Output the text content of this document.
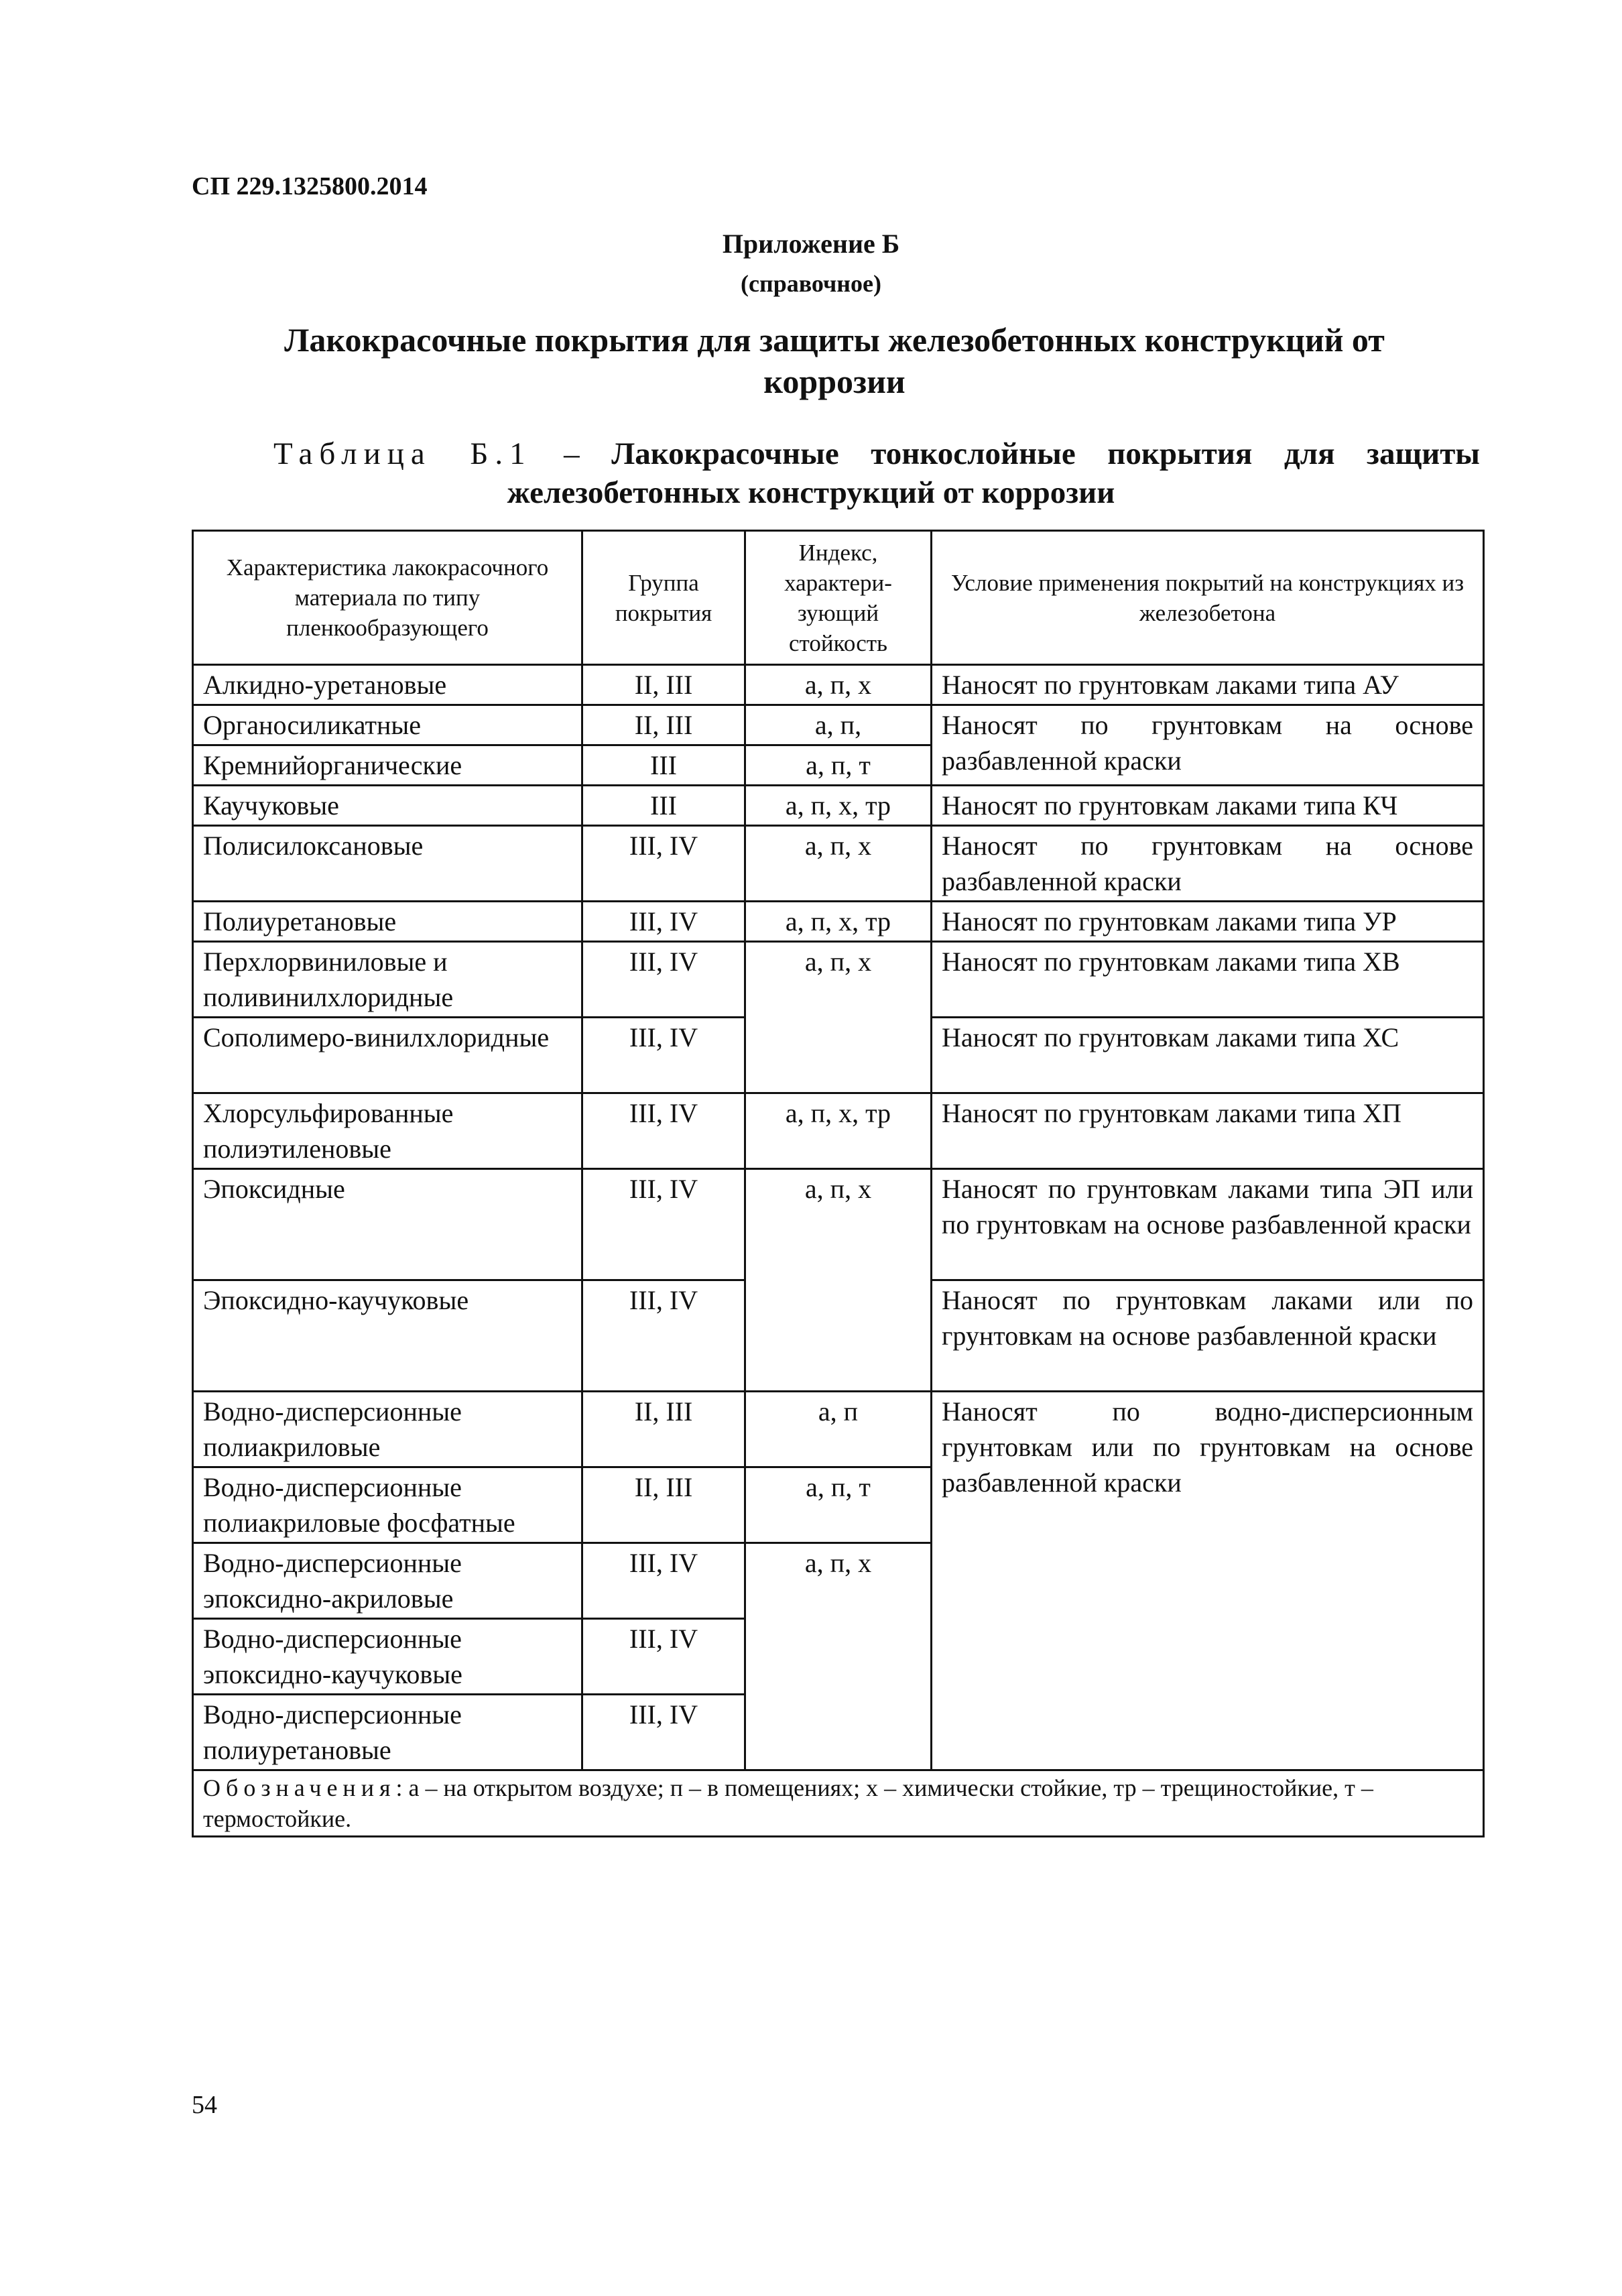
СП 229.1325800.2014
Приложение Б
(справочное)
Лакокрасочные покрытия для защиты железобетонных конструкций от коррозии
Таблица Б.1 – Лакокрасочные тонкослойные покрытия для защиты
железобетонных конструкций от коррозии
Характеристика лакокрасочного материала по типу пленкообразующего	Группа покрытия	Индекс, характери-зующий стойкость	Условие применения покрытий на конструкциях из железобетона
Алкидно-уретановые	II, III	а, п, х	Наносят по грунтовкам лаками типа АУ
Органосиликатные	II, III	а, п,	Наносят по грунтовкам на основе разбавленной краски
Кремнийорганические	III	а, п, т	
Каучуковые	III	а, п, х, тр	Наносят по грунтовкам лаками типа КЧ
Полисилоксановые	III, IV	а, п, х	Наносят по грунтовкам на основе разбавленной краски
Полиуретановые	III, IV	а, п, х, тр	Наносят по грунтовкам лаками типа УР
Перхлорвиниловые и поливинилхлоридные	III, IV	а, п, х	Наносят по грунтовкам лаками типа ХВ
Сополимеро-винилхлоридные	III, IV		Наносят по грунтовкам лаками типа ХС
Хлорсульфированные полиэтиленовые	III, IV	а, п, х, тр	Наносят по грунтовкам лаками типа ХП
Эпоксидные	III, IV	а, п, х	Наносят по грунтовкам лаками типа ЭП или по грунтовкам на основе разбавленной краски
Эпоксидно-каучуковые	III, IV		Наносят по грунтовкам лаками или по грунтовкам на основе разбавленной краски
Водно-дисперсионные полиакриловые	II, III	а, п	Наносят по водно-дисперсионным грунтовкам или по грунтовкам на основе разбавленной краски
Водно-дисперсионные полиакриловые фосфатные	II, III	а, п, т	
Водно-дисперсионные эпоксидно-акриловые	III, IV	а, п, х	
Водно-дисперсионные эпоксидно-каучуковые	III, IV		
Водно-дисперсионные полиуретановые	III, IV		
Обозначения: а – на открытом воздухе; п – в помещениях; х – химически стойкие, тр – трещиностойкие, т – термостойкие.			
54
